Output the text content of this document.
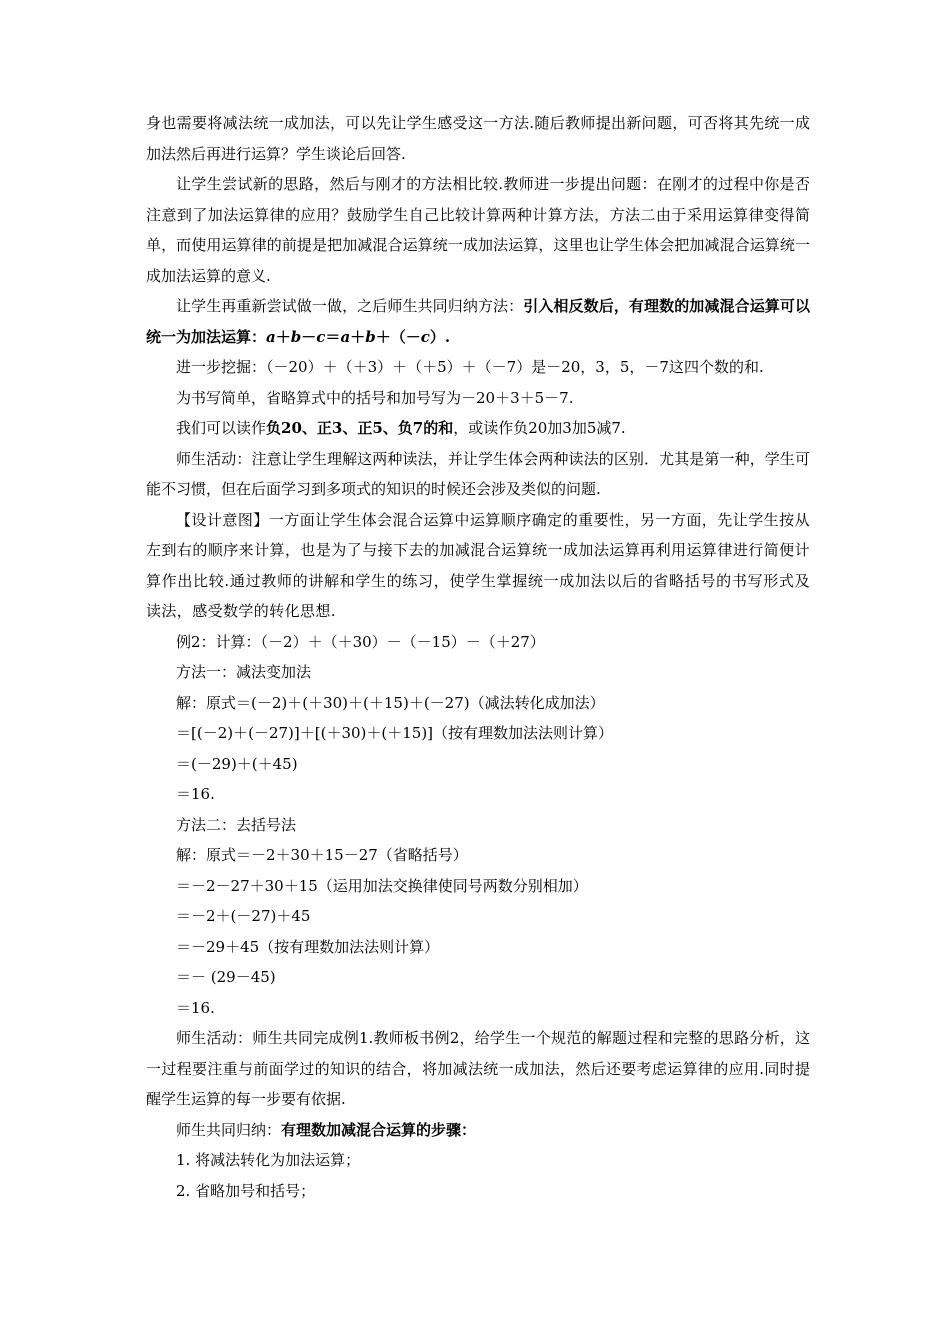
身也需要将减法统一成加法，可以先让学生感受这一方法.随后教师提出新问题，可否将其先统一成加法然后再进行运算？学生谈论后回答.

让学生尝试新的思路，然后与刚才的方法相比较.教师进一步提出问题：在刚才的过程中你是否注意到了加法运算律的应用？鼓励学生自己比较计算两种计算方法，方法二由于采用运算律变得简单，而使用运算律的前提是把加减混合运算统一成加法运算，这里也让学生体会把加减混合运算统一成加法运算的意义.

让学生再重新尝试做一做，之后师生共同归纳方法：引入相反数后，有理数的加减混合运算可以统一为加法运算：a＋b－c＝a＋b＋（－c）.

进一步挖掘：（－20）＋（＋3）＋（＋5）＋（－7）是－20，3，5，－7这四个数的和.

为书写简单，省略算式中的括号和加号写为－20＋3＋5－7.

我们可以读作负20、正3、正5、负7的和，或读作负20加3加5减7.

师生活动：注意让学生理解这两种读法，并让学生体会两种读法的区别．尤其是第一种，学生可能不习惯，但在后面学习到多项式的知识的时候还会涉及类似的问题.

【设计意图】一方面让学生体会混合运算中运算顺序确定的重要性，另一方面，先让学生按从左到右的顺序来计算，也是为了与接下去的加减混合运算统一成加法运算再利用运算律进行简便计算作出比较.通过教师的讲解和学生的练习，使学生掌握统一成加法以后的省略括号的书写形式及读法，感受数学的转化思想.

例2：计算：（－2）＋（＋30）－（－15）－（＋27）

方法一：减法变加法

解：原式＝(－2)＋(＋30)＋(＋15)＋(－27)（减法转化成加法）

＝[(－2)＋(－27)]＋[(＋30)＋(＋15)]（按有理数加法法则计算）

＝(－29)＋(＋45)

＝16.

方法二：去括号法

解：原式＝－2＋30＋15－27（省略括号）

＝－2－27＋30＋15（运用加法交换律使同号两数分别相加）

＝－2＋(－27)＋45

＝－29＋45（按有理数加法法则计算）

＝－ (29－45)

＝16.

师生活动：师生共同完成例1.教师板书例2，给学生一个规范的解题过程和完整的思路分析，这一过程要注重与前面学过的知识的结合，将加减法统一成加法，然后还要考虑运算律的应用.同时提醒学生运算的每一步要有依据.

师生共同归纳：有理数加减混合运算的步骤：

1. 将减法转化为加法运算；

2. 省略加号和括号；
